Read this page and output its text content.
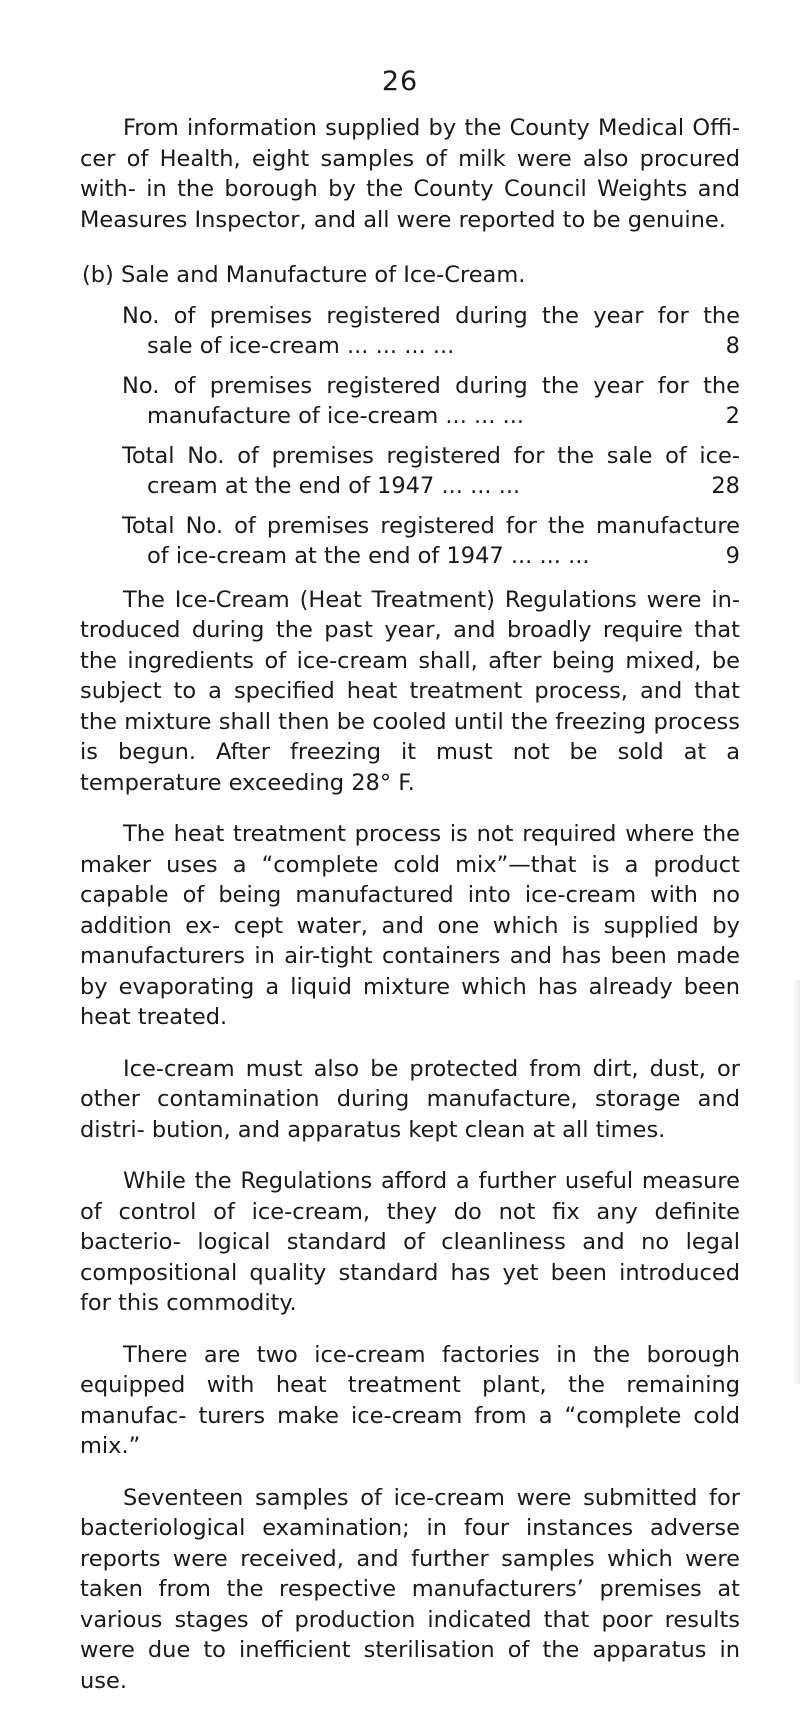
26

From information supplied by the County Medical Offi- cer of Health, eight samples of milk were also procured with- in the borough by the County Council Weights and Measures Inspector, and all were reported to be genuine.

(b) Sale and Manufacture of Ice-Cream.

No. of premises registered during the year for the
sale of ice-cream ... ... ... ...	8
No. of premises registered during the year for the
manufacture of ice-cream ... ... ...	2
Total No. of premises registered for the sale of ice-
cream at the end of 1947 ... ... ...	28
Total No. of premises registered for the manufacture
of ice-cream at the end of 1947 ... ... ...	9

The Ice-Cream (Heat Treatment) Regulations were in- troduced during the past year, and broadly require that the ingredients of ice-cream shall, after being mixed, be subject to a specified heat treatment process, and that the mixture shall then be cooled until the freezing process is begun. After freezing it must not be sold at a temperature exceeding 28° F.

The heat treatment process is not required where the maker uses a “complete cold mix”—that is a product capable of being manufactured into ice-cream with no addition ex- cept water, and one which is supplied by manufacturers in air-tight containers and has been made by evaporating a liquid mixture which has already been heat treated.

Ice-cream must also be protected from dirt, dust, or other contamination during manufacture, storage and distri- bution, and apparatus kept clean at all times.

While the Regulations afford a further useful measure of control of ice-cream, they do not fix any definite bacterio- logical standard of cleanliness and no legal compositional quality standard has yet been introduced for this commodity.

There are two ice-cream factories in the borough equipped with heat treatment plant, the remaining manufac- turers make ice-cream from a “complete cold mix.”

Seventeen samples of ice-cream were submitted for bacteriological examination; in four instances adverse reports were received, and further samples which were taken from the respective manufacturers’ premises at various stages of production indicated that poor results were due to inefficient sterilisation of the apparatus in use.
